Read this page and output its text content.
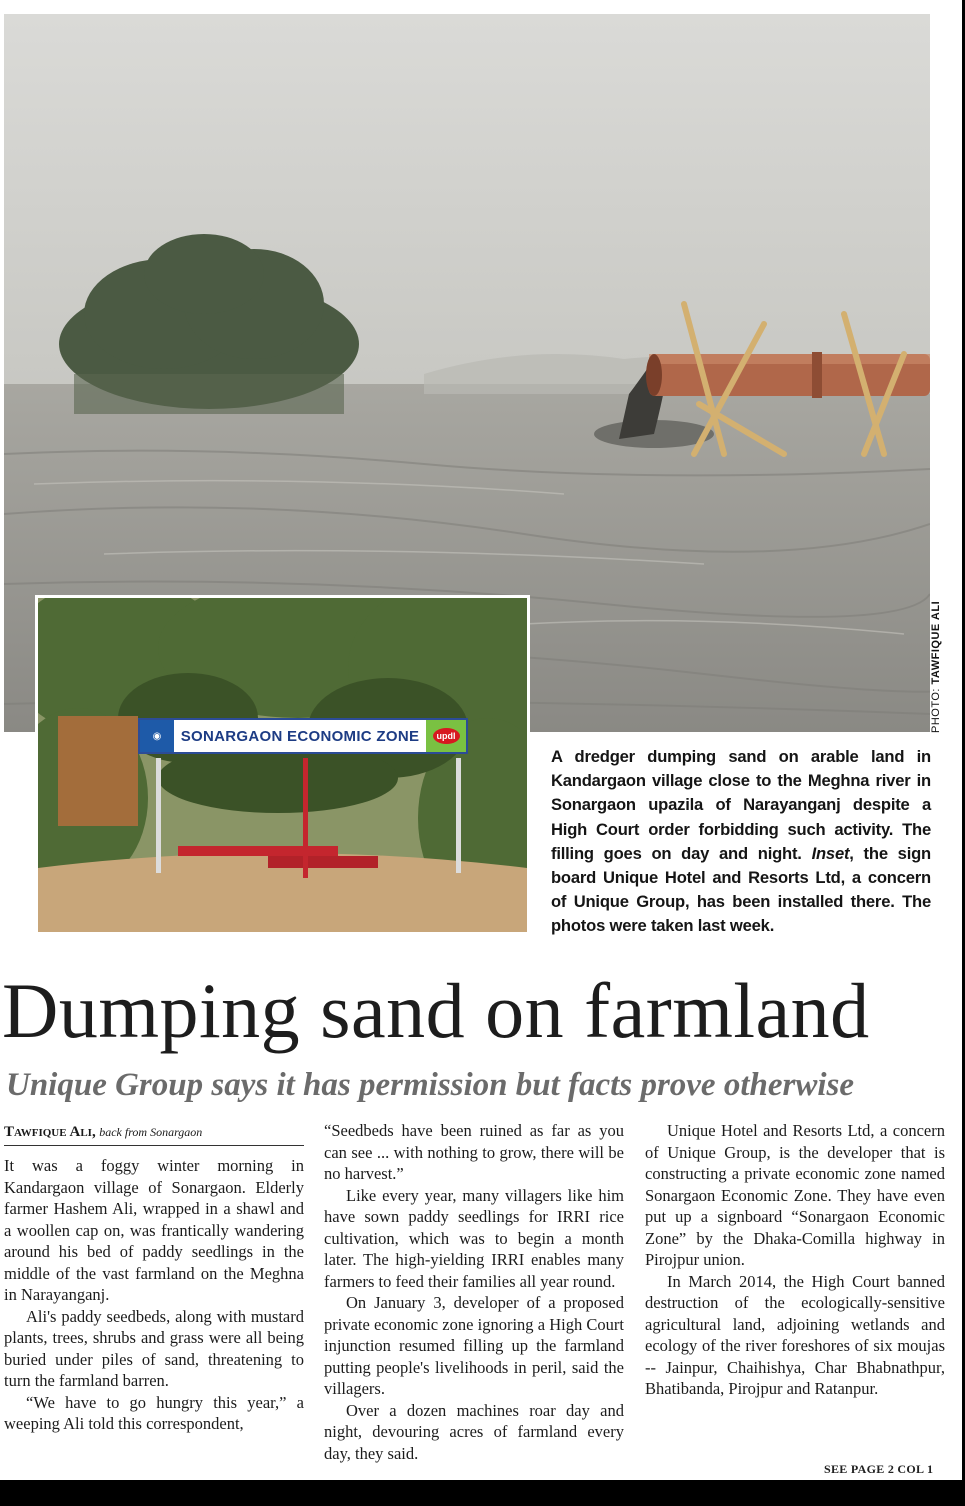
PHOTO: TAWFIQUE ALI
◉	SONARGAON ECONOMIC ZONE	updl
A dredger dumping sand on arable land in Kandargaon village close to the Meghna river in Sonargaon upazila of Narayanganj despite a High Court order forbidding such activity. The filling goes on day and night. Inset, the sign board Unique Hotel and Resorts Ltd, a concern of Unique Group, has been installed there. The photos were taken last week.
Dumping sand on farmland
Unique Group says it has permission but facts prove otherwise
Tawfique Ali, back from Sonargaon

It was a foggy winter morning in Kandargaon village of Sonargaon. Elderly farmer Hashem Ali, wrapped in a shawl and a woollen cap on, was frantically wandering around his bed of paddy seedlings in the middle of the vast farmland on the Meghna in Narayanganj.

Ali's paddy seedbeds, along with mustard plants, trees, shrubs and grass were all being buried under piles of sand, threatening to turn the farmland barren.

“We have to go hungry this year,” a weeping Ali told this correspondent,

“Seedbeds have been ruined as far as you can see ... with nothing to grow, there will be no harvest.”

Like every year, many villagers like him have sown paddy seedlings for IRRI rice cultivation, which was to begin a month later. The high-yielding IRRI enables many farmers to feed their families all year round.

On January 3, developer of a proposed private economic zone ignoring a High Court injunction resumed filling up the farmland putting people's livelihoods in peril, said the villagers.

Over a dozen machines roar day and night, devouring acres of farmland every day, they said.

Unique Hotel and Resorts Ltd, a concern of Unique Group, is the developer that is constructing a private economic zone named Sonargaon Economic Zone. They have even put up a signboard “Sonargaon Economic Zone” by the Dhaka-Comilla highway in Pirojpur union.

In March 2014, the High Court banned destruction of the ecologically-sensitive agricultural land, adjoining wetlands and ecology of the river foreshores of six moujas -- Jainpur, Chaihishya, Char Bhabnathpur, Bhatibanda, Pirojpur and Ratanpur.

SEE PAGE 2 COL 1
